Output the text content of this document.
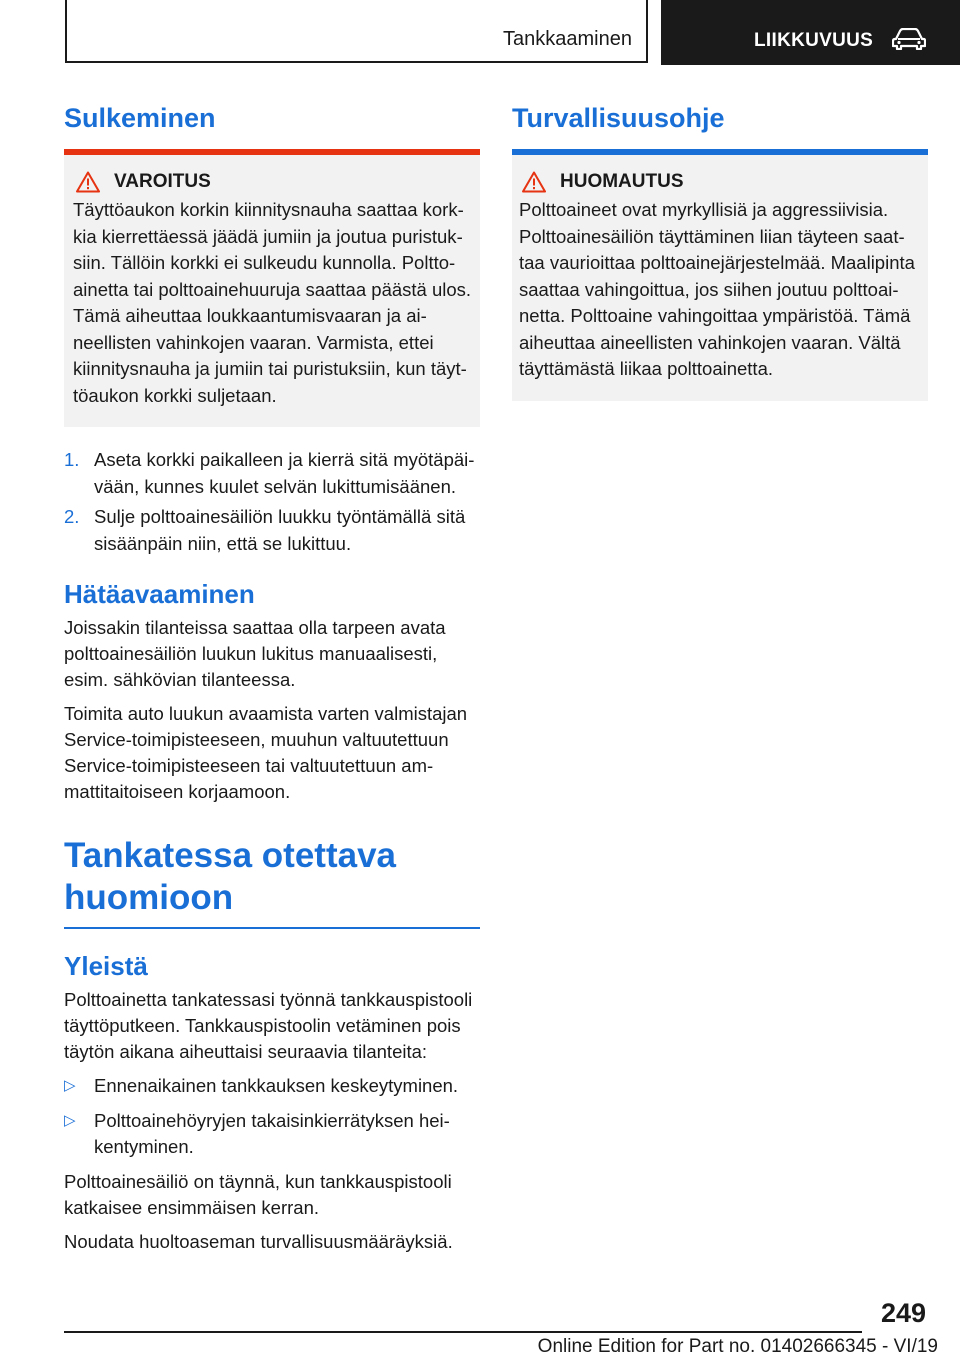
Tankkaaminen	LIIKKUVUUS
Sulkeminen
VAROITUS
Täyttöaukon korkin kiinnitysnauha saattaa korkkia kierrettäessä jäädä jumiin ja joutua puristuksiin. Tällöin korkki ei sulkeudu kunnolla. Polttoainetta tai polttoainehuuruja saattaa päästä ulos. Tämä aiheuttaa loukkaantumisvaaran ja aineellisten vahinkojen vaaran. Varmista, ettei kiinnitysnauha ja jumiin tai puristuksiin, kun täyttöaukon korkki suljetaan.
1. Aseta korkki paikalleen ja kierrä sitä myötäpäivään, kunnes kuulet selvän lukittumisäänen.
2. Sulje polttoainesäiliön luukku työntämällä sitä sisäänpäin niin, että se lukittuu.
Hätäavaaminen

Joissakin tilanteissa saattaa olla tarpeen avata polttoainesäiliön luukun lukitus manuaalisesti, esim. sähkövian tilanteessa.

Toimita auto luukun avaamista varten valmistajan Service-toimipisteeseen, muuhun valtuutettuun Service-toimipisteeseen tai valtuutettuun ammattitaitoiseen korjaamoon.

Tankatessa otettava huomioon
Yleistä

Polttoainetta tankatessasi työnnä tankkauspistooli täyttöputkeen. Tankkauspistoolin vetäminen pois täytön aikana aiheuttaisi seuraavia tilanteita:

▷ Ennenaikainen tankkauksen keskeytyminen.
▷ Polttoainehöyryjen takaisinkierrätyksen heikentyminen.

Polttoainesäiliö on täynnä, kun tankkauspistooli katkaisee ensimmäisen kerran.

Noudata huoltoaseman turvallisuusmääräyksiä.

Turvallisuusohje
HUOMAUTUS
Polttoaineet ovat myrkyllisiä ja aggressiivisia. Polttoainesäiliön täyttäminen liian täyteen saattaa vaurioittaa polttoainejärjestelmää. Maalipinta saattaa vahingoittua, jos siihen joutuu polttoainetta. Polttoaine vahingoittaa ympäristöä. Tämä aiheuttaa aineellisten vahinkojen vaaran. Vältä täyttämästä liikaa polttoainetta.
249
Online Edition for Part no. 01402666345 - VI/19
